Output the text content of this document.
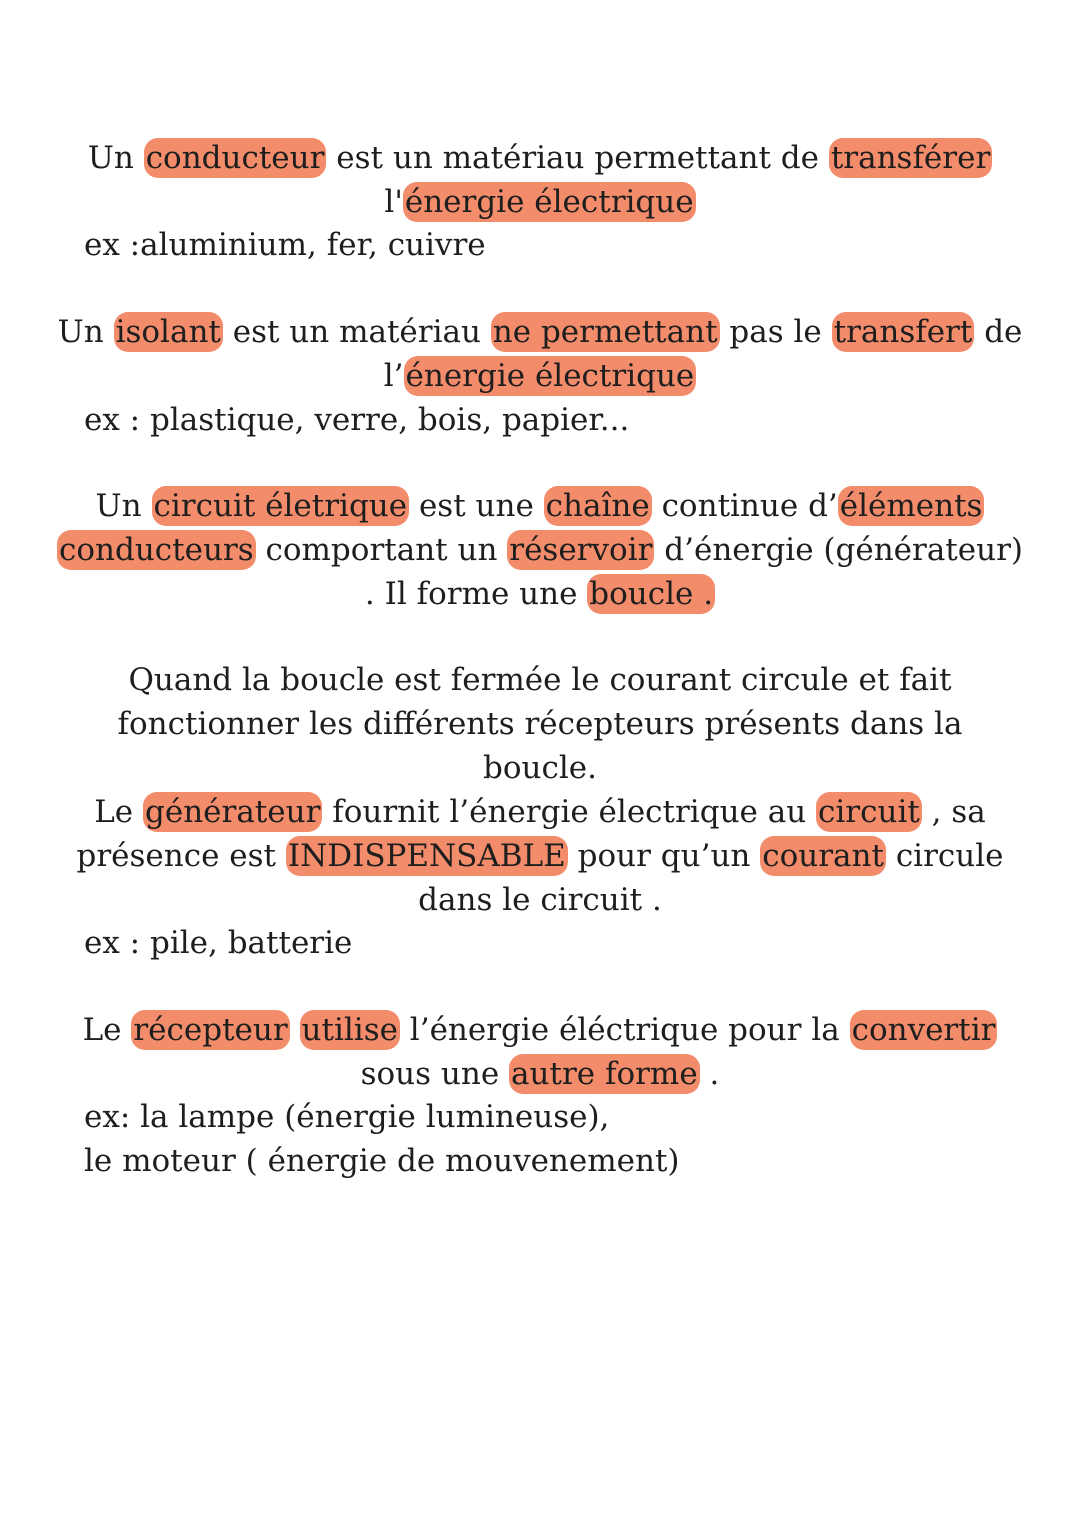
Un conducteur est un matériau permettant de transférer
l'énergie électrique
ex :aluminium, fer, cuivre
Un isolant est un matériau ne permettant pas le transfert de
l’énergie électrique
ex : plastique, verre, bois, papier...
Un circuit életrique est une chaîne continue d’éléments
conducteurs comportant un réservoir d’énergie (générateur)
. Il forme une boucle .
Quand la boucle est fermée le courant circule et fait
fonctionner les différents récepteurs présents dans la
boucle.
Le générateur fournit l’énergie électrique au circuit , sa
présence est INDISPENSABLE pour qu’un courant circule
dans le circuit .
ex : pile, batterie
Le récepteur utilise l’énergie éléctrique pour la convertir
sous une autre forme .
ex: la lampe (énergie lumineuse),
le moteur ( énergie de mouvenement)
